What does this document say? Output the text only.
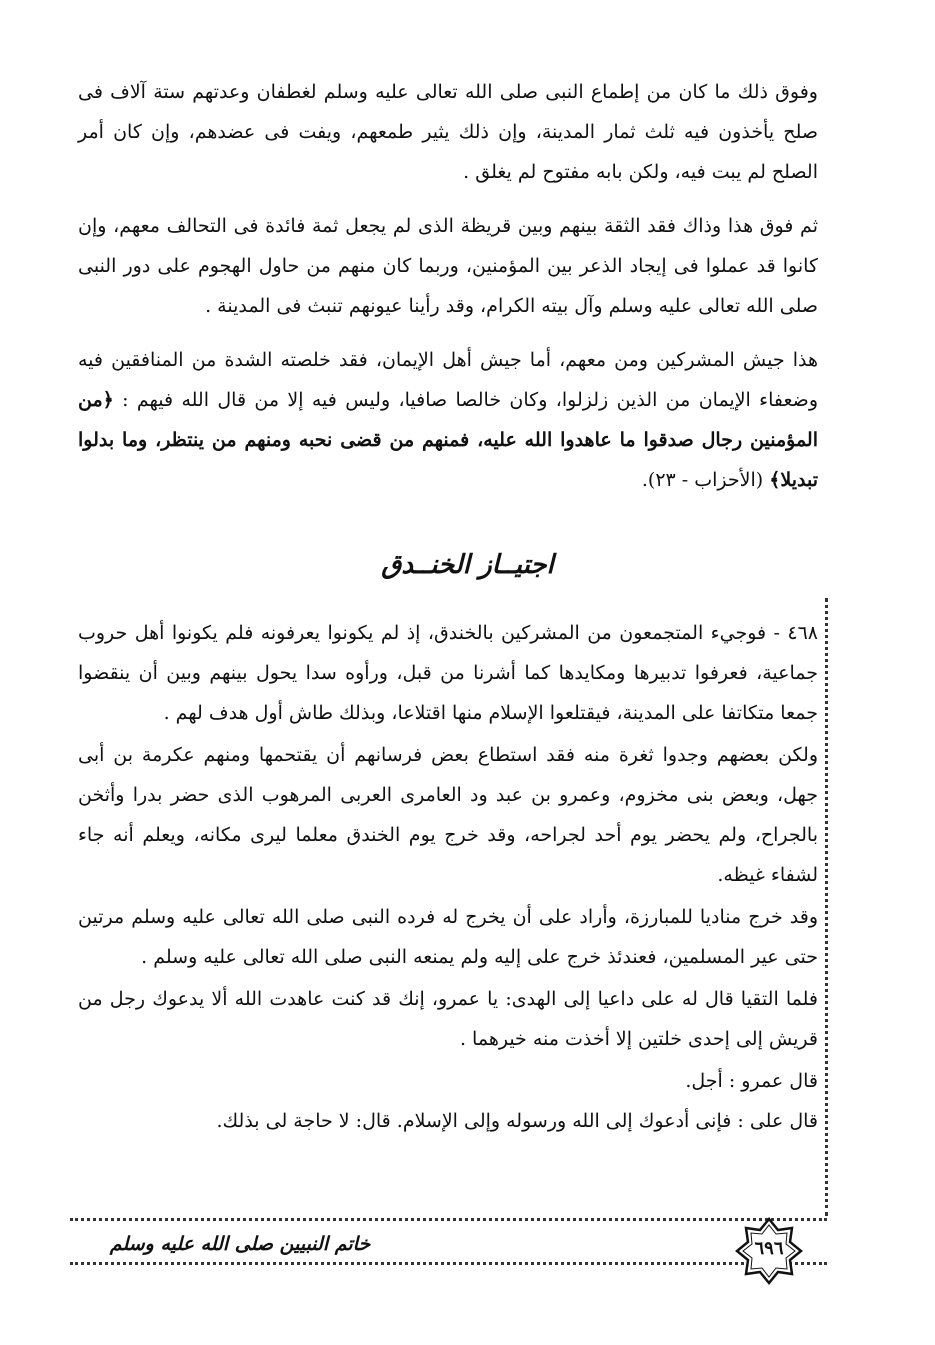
وفوق ذلك ما كان من إطماع النبى صلى الله تعالى عليه وسلم لغطفان وعدتهم ستة آلاف فى صلح يأخذون فيه ثلث ثمار المدينة، وإن ذلك يثير طمعهم، ويفت فى عضدهم، وإن كان أمر الصلح لم يبت فيه، ولكن بابه مفتوح لم يغلق .

ثم فوق هذا وذاك فقد الثقة بينهم وبين قريظة الذى لم يجعل ثمة فائدة فى التحالف معهم، وإن كانوا قد عملوا فى إيجاد الذعر بين المؤمنين، وربما كان منهم من حاول الهجوم على دور النبى صلى الله تعالى عليه وسلم وآل بيته الكرام، وقد رأينا عيونهم تنبث فى المدينة .

هذا جيش المشركين ومن معهم، أما جيش أهل الإيمان، فقد خلصته الشدة من المنافقين فيه وضعفاء الإيمان من الذين زلزلوا، وكان خالصا صافيا، وليس فيه إلا من قال الله فيهم : ﴿من المؤمنين رجال صدقوا ما عاهدوا الله عليه، فمنهم من قضى نحبه ومنهم من ينتظر، وما بدلوا تبديلا﴾ (الأحزاب - ٢٣).

اجتيــاز الخنــدق

٤٦٨ - فوجيء المتجمعون من المشركين بالخندق، إذ لم يكونوا يعرفونه فلم يكونوا أهل حروب جماعية، فعرفوا تدبيرها ومكايدها كما أشرنا من قبل، ورأوه سدا يحول بينهم وبين أن ينقضوا جمعا متكاتفا على المدينة، فيقتلعوا الإسلام منها اقتلاعا، وبذلك طاش أول هدف لهم .

ولكن بعضهم وجدوا ثغرة منه فقد استطاع بعض فرسانهم أن يقتحمها ومنهم عكرمة بن أبى جهل، وبعض بنى مخزوم، وعمرو بن عبد ود العامرى العربى المرهوب الذى حضر بدرا وأثخن بالجراح، ولم يحضر يوم أحد لجراحه، وقد خرج يوم الخندق معلما ليرى مكانه، ويعلم أنه جاء لشفاء غيظه.

وقد خرج مناديا للمبارزة، وأراد على أن يخرج له فرده النبى صلى الله تعالى عليه وسلم مرتين حتى عير المسلمين، فعندئذ خرج على إليه ولم يمنعه النبى صلى الله تعالى عليه وسلم .

فلما التقيا قال له على داعيا إلى الهدى: يا عمرو، إنك قد كنت عاهدت الله ألا يدعوك رجل من قريش إلى إحدى خلتين إلا أخذت منه خيرهما .

قال عمرو : أجل.

قال على : فإنى أدعوك إلى الله ورسوله وإلى الإسلام. قال: لا حاجة لى بذلك.

خاتم النبيين صلى الله عليه وسلم	٦٩٦
